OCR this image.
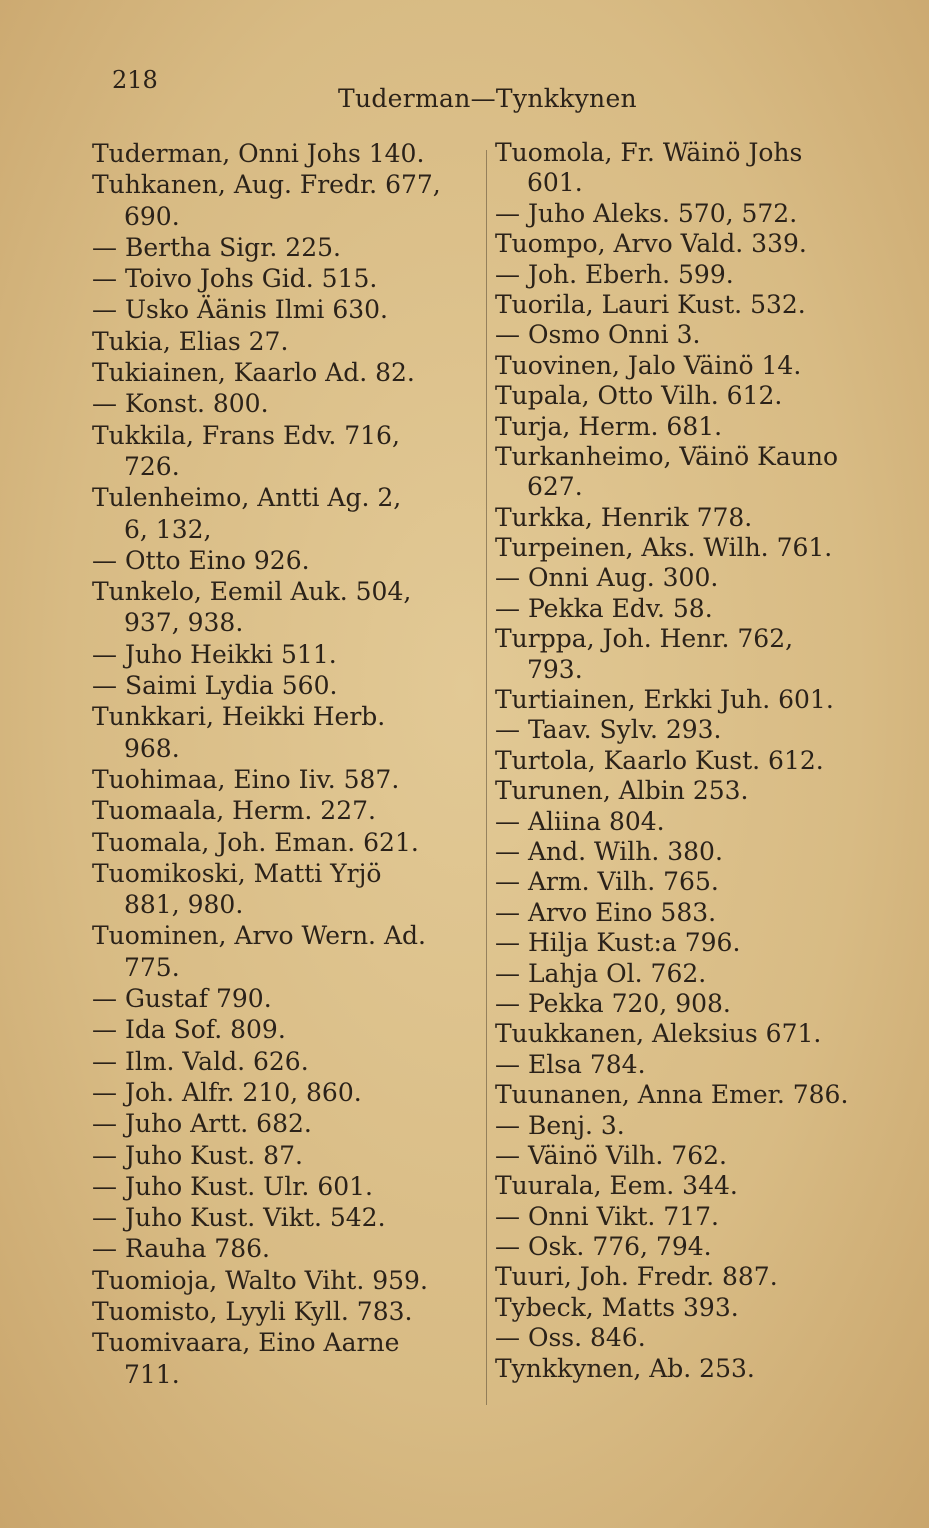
218
Tuderman—Tynkkynen
Tuderman, Onni Johs 140.
Tuhkanen, Aug. Fredr. 677,
690.
— Bertha Sigr. 225.
— Toivo Johs Gid. 515.
— Usko Äänis Ilmi 630.
Tukia, Elias 27.
Tukiainen, Kaarlo Ad. 82.
— Konst. 800.
Tukkila, Frans Edv. 716,
726.
Tulenheimo, Antti Ag. 2,
6, 132,
— Otto Eino 926.
Tunkelo, Eemil Auk. 504,
937, 938.
— Juho Heikki 511.
— Saimi Lydia 560.
Tunkkari, Heikki Herb.
968.
Tuohimaa, Eino Iiv. 587.
Tuomaala, Herm. 227.
Tuomala, Joh. Eman. 621.
Tuomikoski, Matti Yrjö
881, 980.
Tuominen, Arvo Wern. Ad.
775.
— Gustaf 790.
— Ida Sof. 809.
— Ilm. Vald. 626.
— Joh. Alfr. 210, 860.
— Juho Artt. 682.
— Juho Kust. 87.
— Juho Kust. Ulr. 601.
— Juho Kust. Vikt. 542.
— Rauha 786.
Tuomioja, Walto Viht. 959.
Tuomisto, Lyyli Kyll. 783.
Tuomivaara, Eino Aarne
711.
Tuomola, Fr. Wäinö Johs
601.
— Juho Aleks. 570, 572.
Tuompo, Arvo Vald. 339.
— Joh. Eberh. 599.
Tuorila, Lauri Kust. 532.
— Osmo Onni 3.
Tuovinen, Jalo Väinö 14.
Tupala, Otto Vilh. 612.
Turja, Herm. 681.
Turkanheimo, Väinö Kauno
627.
Turkka, Henrik 778.
Turpeinen, Aks. Wilh. 761.
— Onni Aug. 300.
— Pekka Edv. 58.
Turppa, Joh. Henr. 762,
793.
Turtiainen, Erkki Juh. 601.
— Taav. Sylv. 293.
Turtola, Kaarlo Kust. 612.
Turunen, Albin 253.
— Aliina 804.
— And. Wilh. 380.
— Arm. Vilh. 765.
— Arvo Eino 583.
— Hilja Kust:a 796.
— Lahja Ol. 762.
— Pekka 720, 908.
Tuukkanen, Aleksius 671.
— Elsa 784.
Tuunanen, Anna Emer. 786.
— Benj. 3.
— Väinö Vilh. 762.
Tuurala, Eem. 344.
— Onni Vikt. 717.
— Osk. 776, 794.
Tuuri, Joh. Fredr. 887.
Tybeck, Matts 393.
— Oss. 846.
Tynkkynen, Ab. 253.
